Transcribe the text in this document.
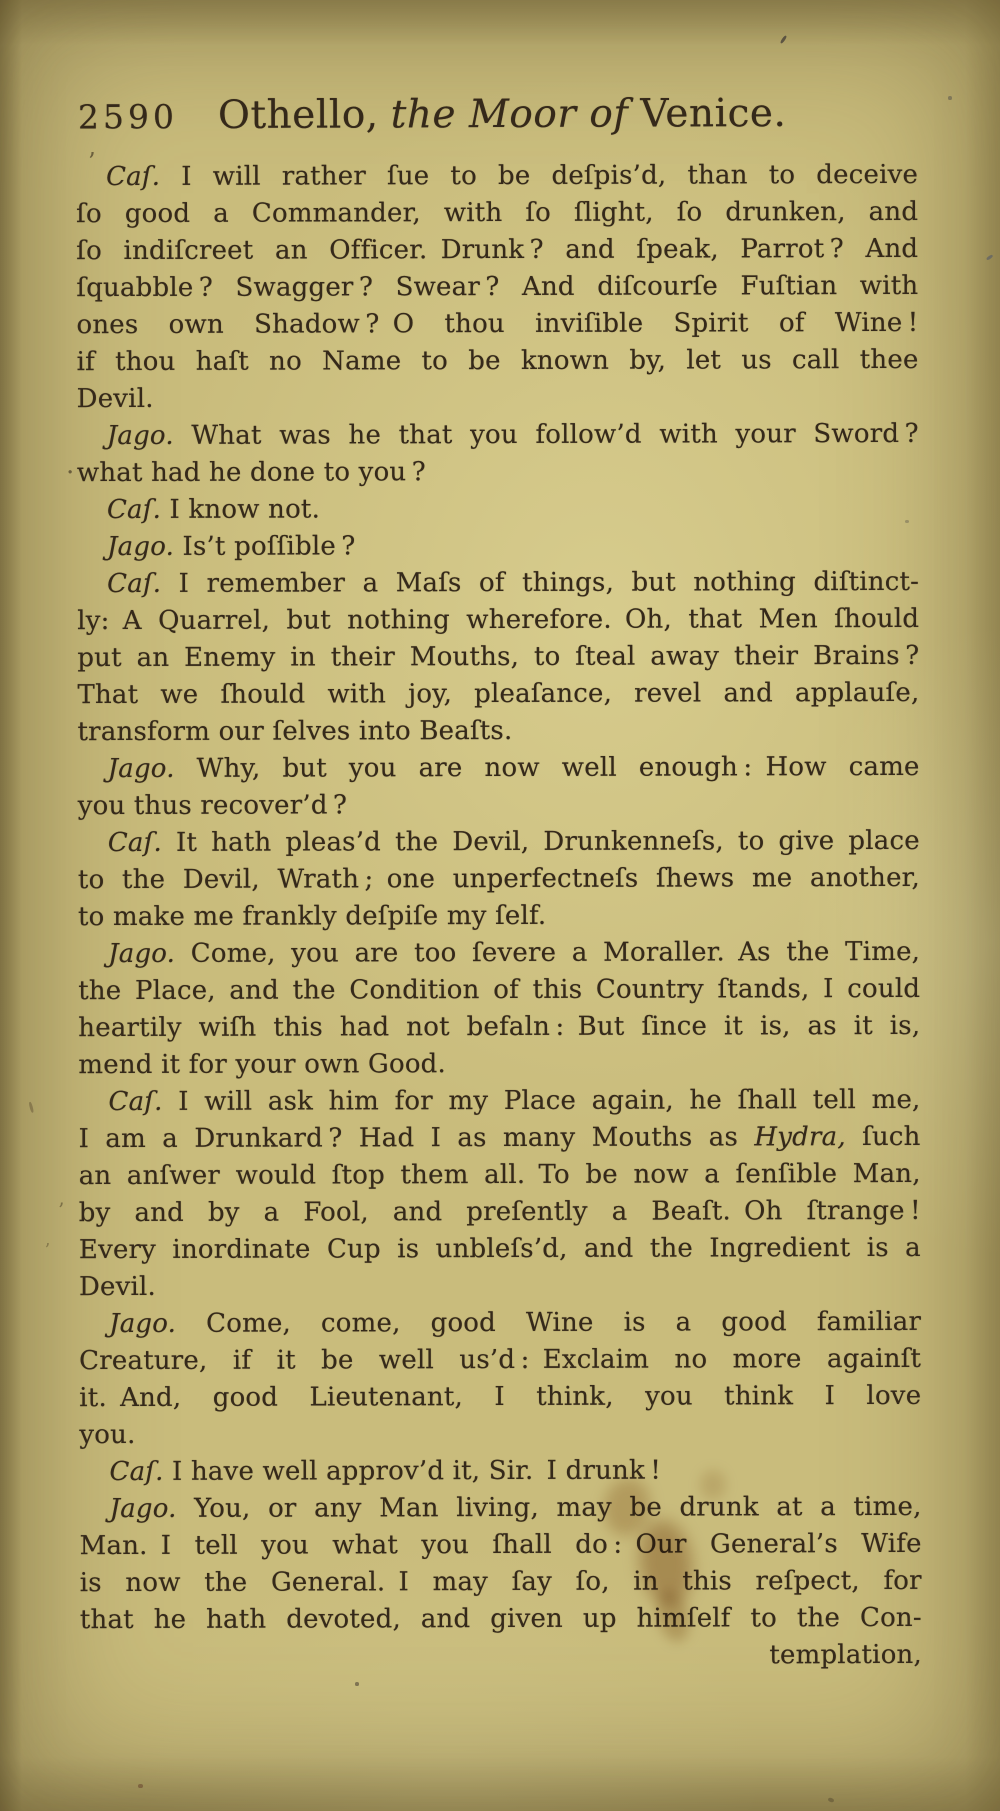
2590 Othello, the Moor of Venice.
Caſ. I will rather ſue to be deſpis’d, than to deceive
ſo good a Commander, with ſo ſlight, ſo drunken, and
ſo indiſcreet an Officer. Drunk ? and ſpeak, Parrot ? And
ſquabble ? Swagger ? Swear ? And diſcourſe Fuſtian with
ones own Shadow ? O thou inviſible Spirit of Wine !
if thou haſt no Name to be known by, let us call thee
Devil.
Jago. What was he that you follow’d with your Sword ?
what had he done to you ?
Caſ. I know not.
Jago. Is’t poſſible ?
Caſ. I remember a Maſs of things, but nothing diſtinct-
ly: A Quarrel, but nothing wherefore. Oh, that Men ſhould
put an Enemy in their Mouths, to ſteal away their Brains ?
That we ſhould with joy, pleaſance, revel and applauſe,
transform our ſelves into Beaſts.
Jago. Why, but you are now well enough : How came
you thus recover’d ?
Caſ. It hath pleas’d the Devil, Drunkenneſs, to give place
to the Devil, Wrath ; one unperfectneſs ſhews me another,
to make me frankly deſpiſe my ſelf.
Jago. Come, you are too ſevere a Moraller. As the Time,
the Place, and the Condition of this Country ſtands, I could
heartily wiſh this had not befaln : But ſince it is, as it is,
mend it for your own Good.
Caſ. I will ask him for my Place again, he ſhall tell me,
I am a Drunkard ? Had I as many Mouths as Hydra, ſuch
an anſwer would ſtop them all. To be now a ſenſible Man,
by and by a Fool, and preſently a Beaſt. Oh ſtrange !
Every inordinate Cup is unbleſs’d, and the Ingredient is a
Devil.
Jago. Come, come, good Wine is a good familiar
Creature, if it be well us’d : Exclaim no more againſt
it. And, good Lieutenant, I think, you think I love
you.
Caſ. I have well approv’d it, Sir. I drunk !
Jago. You, or any Man living, may be drunk at a time,
Man. I tell you what you ſhall do : Our General’s Wife
is now the General. I may ſay ſo, in this reſpect, for
that he hath devoted, and given up himſelf to the Con-
templation,
’
.
’
ʼ
